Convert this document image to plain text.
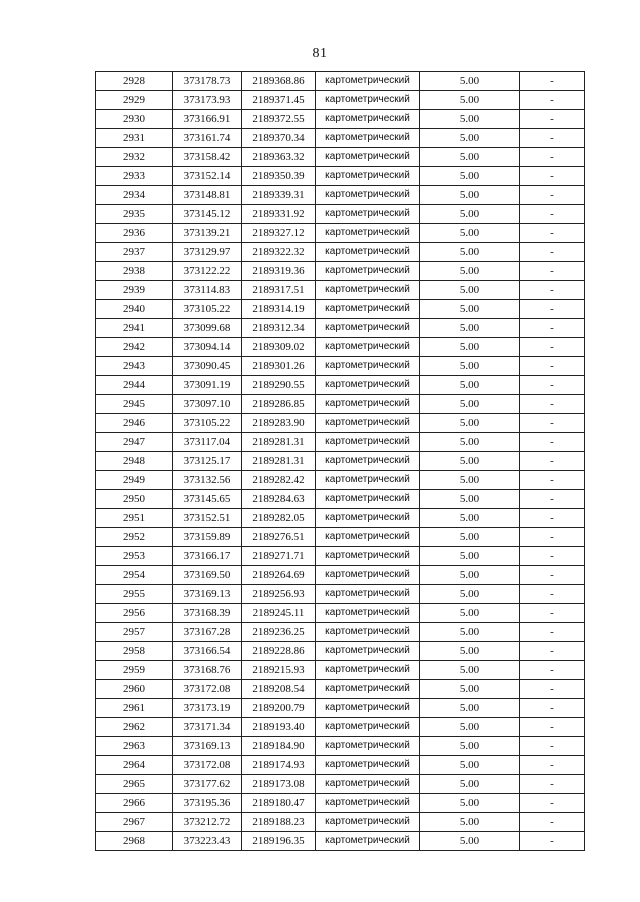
81
2928	373178.73	2189368.86	картометрический	5.00	-
2929	373173.93	2189371.45	картометрический	5.00	-
2930	373166.91	2189372.55	картометрический	5.00	-
2931	373161.74	2189370.34	картометрический	5.00	-
2932	373158.42	2189363.32	картометрический	5.00	-
2933	373152.14	2189350.39	картометрический	5.00	-
2934	373148.81	2189339.31	картометрический	5.00	-
2935	373145.12	2189331.92	картометрический	5.00	-
2936	373139.21	2189327.12	картометрический	5.00	-
2937	373129.97	2189322.32	картометрический	5.00	-
2938	373122.22	2189319.36	картометрический	5.00	-
2939	373114.83	2189317.51	картометрический	5.00	-
2940	373105.22	2189314.19	картометрический	5.00	-
2941	373099.68	2189312.34	картометрический	5.00	-
2942	373094.14	2189309.02	картометрический	5.00	-
2943	373090.45	2189301.26	картометрический	5.00	-
2944	373091.19	2189290.55	картометрический	5.00	-
2945	373097.10	2189286.85	картометрический	5.00	-
2946	373105.22	2189283.90	картометрический	5.00	-
2947	373117.04	2189281.31	картометрический	5.00	-
2948	373125.17	2189281.31	картометрический	5.00	-
2949	373132.56	2189282.42	картометрический	5.00	-
2950	373145.65	2189284.63	картометрический	5.00	-
2951	373152.51	2189282.05	картометрический	5.00	-
2952	373159.89	2189276.51	картометрический	5.00	-
2953	373166.17	2189271.71	картометрический	5.00	-
2954	373169.50	2189264.69	картометрический	5.00	-
2955	373169.13	2189256.93	картометрический	5.00	-
2956	373168.39	2189245.11	картометрический	5.00	-
2957	373167.28	2189236.25	картометрический	5.00	-
2958	373166.54	2189228.86	картометрический	5.00	-
2959	373168.76	2189215.93	картометрический	5.00	-
2960	373172.08	2189208.54	картометрический	5.00	-
2961	373173.19	2189200.79	картометрический	5.00	-
2962	373171.34	2189193.40	картометрический	5.00	-
2963	373169.13	2189184.90	картометрический	5.00	-
2964	373172.08	2189174.93	картометрический	5.00	-
2965	373177.62	2189173.08	картометрический	5.00	-
2966	373195.36	2189180.47	картометрический	5.00	-
2967	373212.72	2189188.23	картометрический	5.00	-
2968	373223.43	2189196.35	картометрический	5.00	-
